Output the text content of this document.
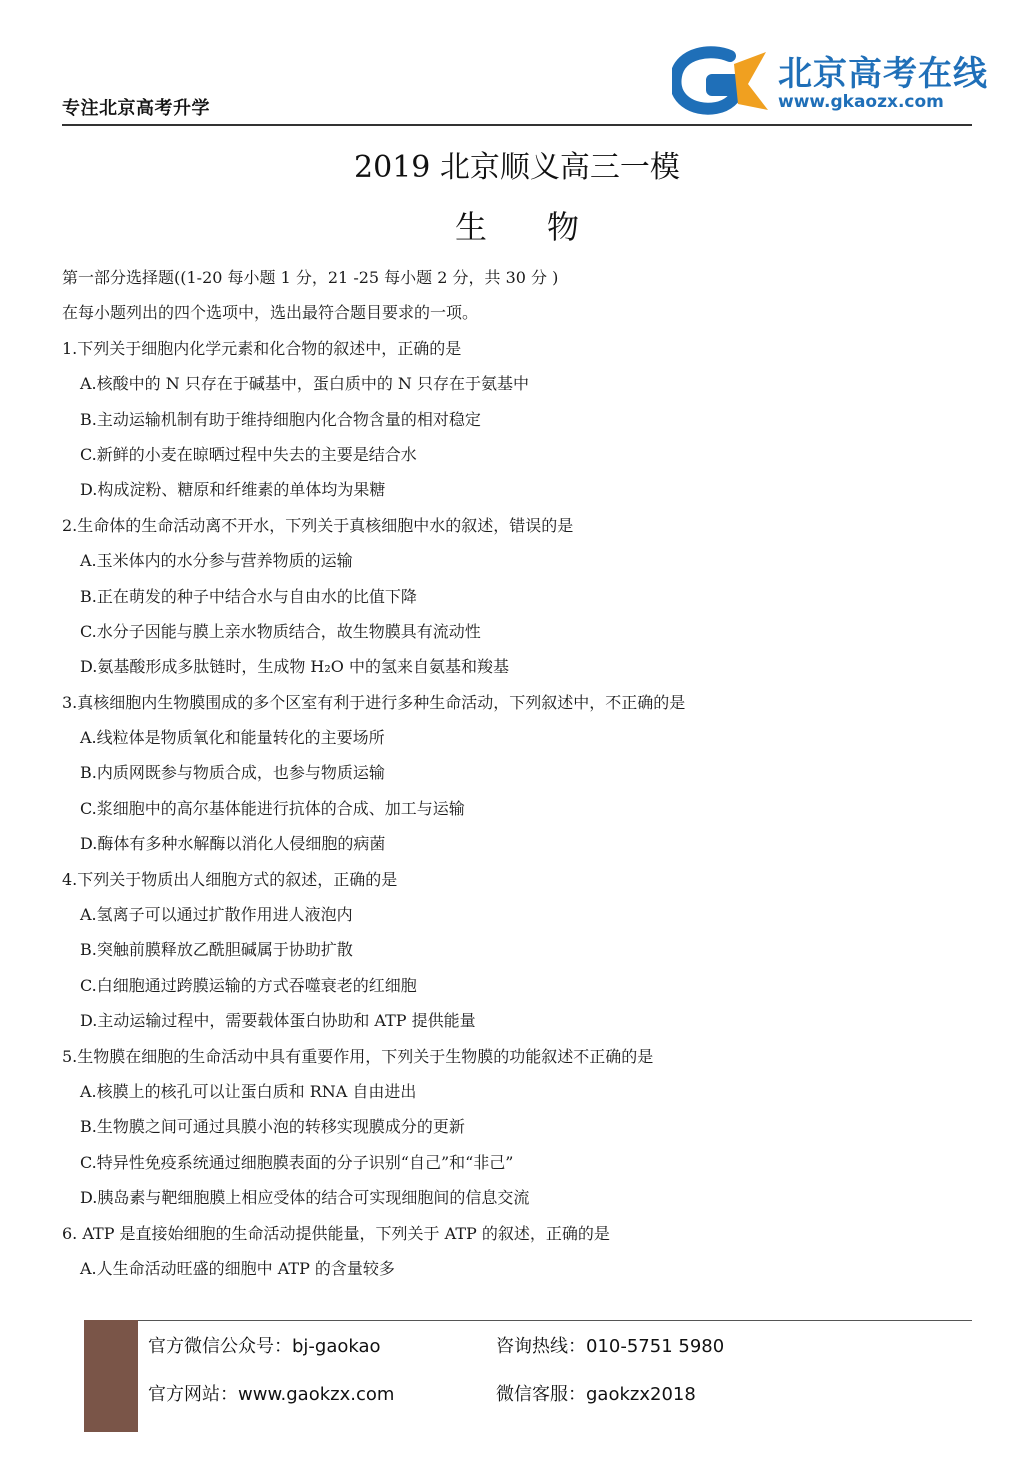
专注北京高考升学
北京高考在线
www.gkaozx.com
2019 北京顺义高三一模
生物
第一部分选择题((1-20 每小题 1 分，21 -25 每小题 2 分，共 30 分 )
在每小题列出的四个选项中，选出最符合题目要求的一项。
1.下列关于细胞内化学元素和化合物的叙述中，正确的是
A.核酸中的 N 只存在于碱基中，蛋白质中的 N 只存在于氨基中
B.主动运输机制有助于维持细胞内化合物含量的相对稳定
C.新鲜的小麦在晾晒过程中失去的主要是结合水
D.构成淀粉、糖原和纤维素的单体均为果糖
2.生命体的生命活动离不开水，下列关于真核细胞中水的叙述，错误的是
A.玉米体内的水分参与营养物质的运输
B.正在萌发的种子中结合水与自由水的比值下降
C.水分子因能与膜上亲水物质结合，故生物膜具有流动性
D.氨基酸形成多肽链时，生成物 H₂O 中的氢来自氨基和羧基
3.真核细胞内生物膜围成的多个区室有利于进行多种生命活动，下列叙述中，不正确的是
A.线粒体是物质氧化和能量转化的主要场所
B.内质网既参与物质合成，也参与物质运输
C.浆细胞中的高尔基体能进行抗体的合成、加工与运输
D.酶体有多种水解酶以消化人侵细胞的病菌
4.下列关于物质出人细胞方式的叙述，正确的是
A.氢离子可以通过扩散作用进人液泡内
B.突触前膜释放乙酰胆碱属于协助扩散
C.白细胞通过跨膜运输的方式吞噬衰老的红细胞
D.主动运输过程中，需要载体蛋白协助和 ATP 提供能量
5.生物膜在细胞的生命活动中具有重要作用，下列关于生物膜的功能叙述不正确的是
A.核膜上的核孔可以让蛋白质和 RNA 自由进出
B.生物膜之间可通过具膜小泡的转移实现膜成分的更新
C.特异性免疫系统通过细胞膜表面的分子识别“自己”和“非己”
D.胰岛素与靶细胞膜上相应受体的结合可实现细胞间的信息交流
6. ATP 是直接始细胞的生命活动提供能量，下列关于 ATP 的叙述，正确的是
A.人生命活动旺盛的细胞中 ATP 的含量较多
官方微信公众号：bj-gaokao	咨询热线：010-5751 5980
官方网站：www.gaokzx.com	微信客服：gaokzx2018
